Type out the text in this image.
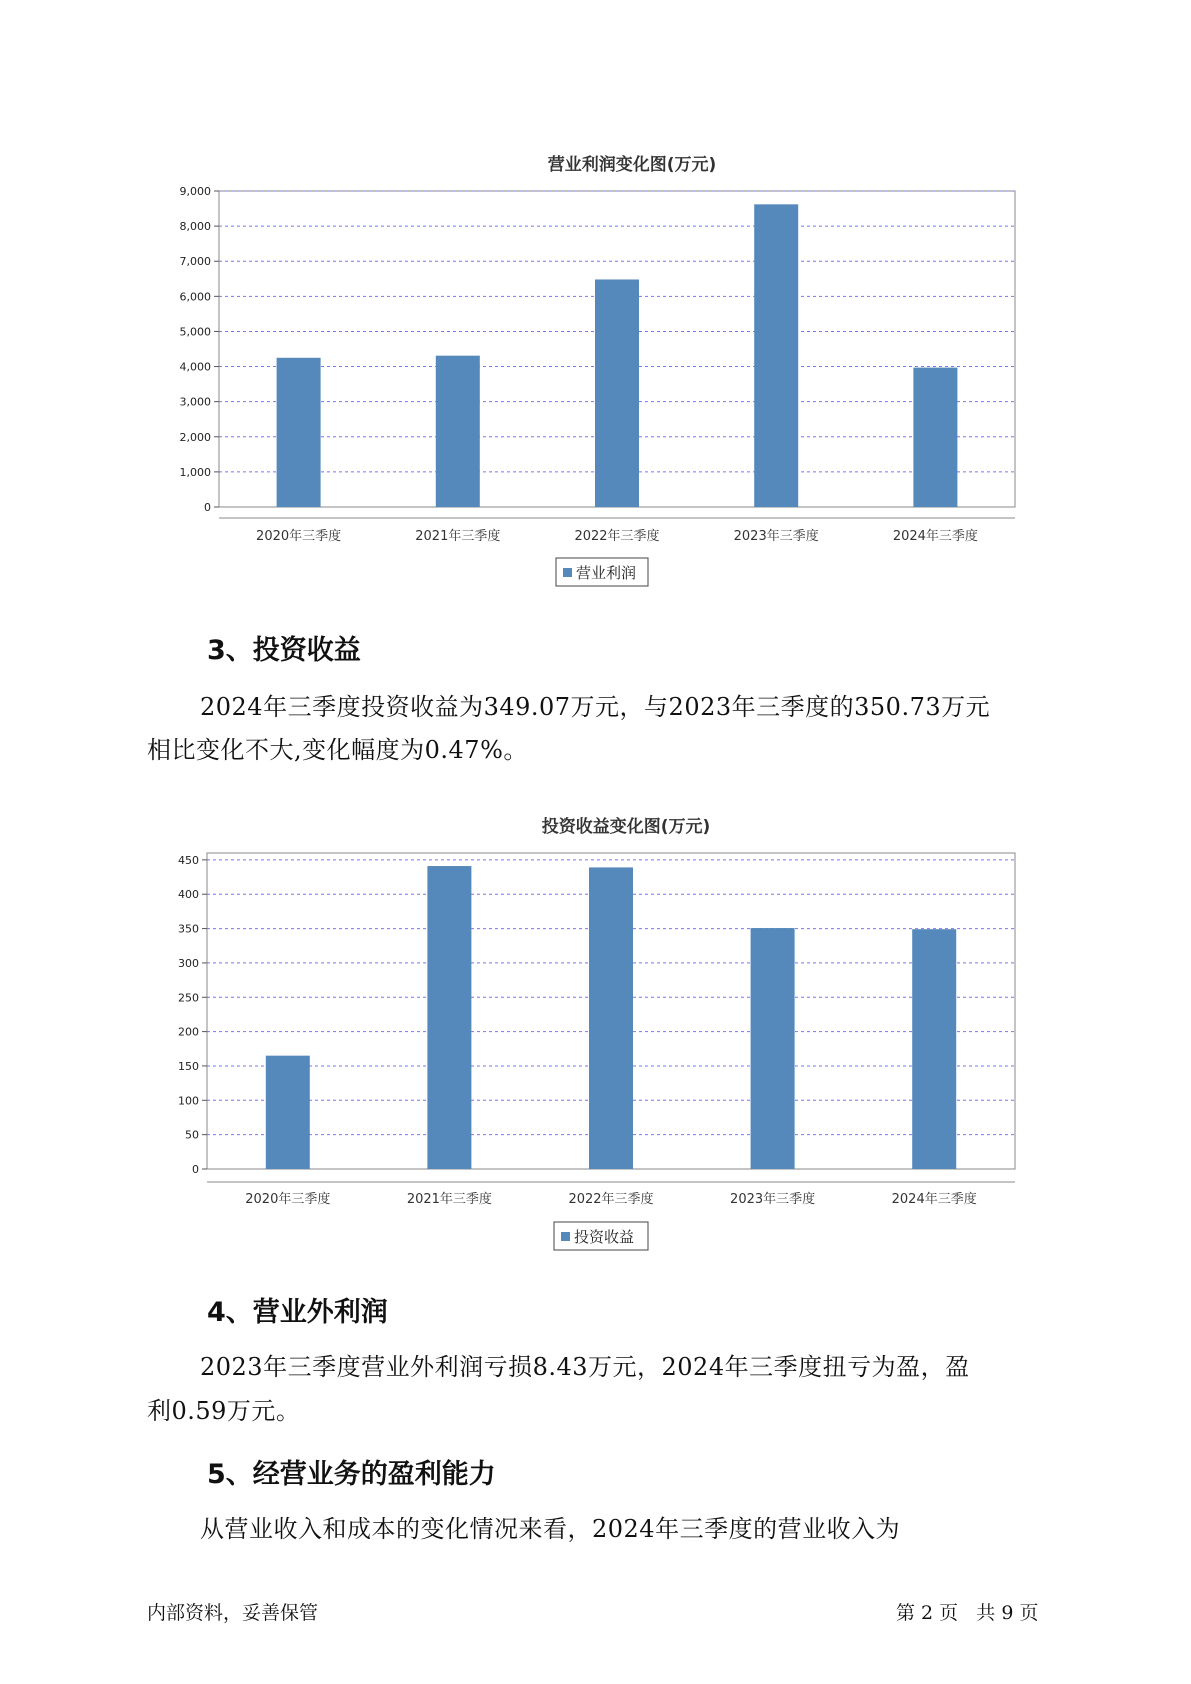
营业利润变化图(万元)
0
1,000
2,000
3,000
4,000
5,000
6,000
7,000
8,000
9,000
2020年三季度	2021年三季度	2022年三季度	2023年三季度	2024年三季度
营业利润
3、投资收益
2024年三季度投资收益为349.07万元，与2023年三季度的350.73万元
相比变化不大,变化幅度为0.47%。
投资收益变化图(万元)
0
50
100
150
200
250
300
350
400
450
2020年三季度	2021年三季度	2022年三季度	2023年三季度	2024年三季度
投资收益
4、营业外利润
2023年三季度营业外利润亏损8.43万元，2024年三季度扭亏为盈，盈
利0.59万元。
5、经营业务的盈利能力
从营业收入和成本的变化情况来看，2024年三季度的营业收入为
内部资料，妥善保管	第 2 页   共 9 页
